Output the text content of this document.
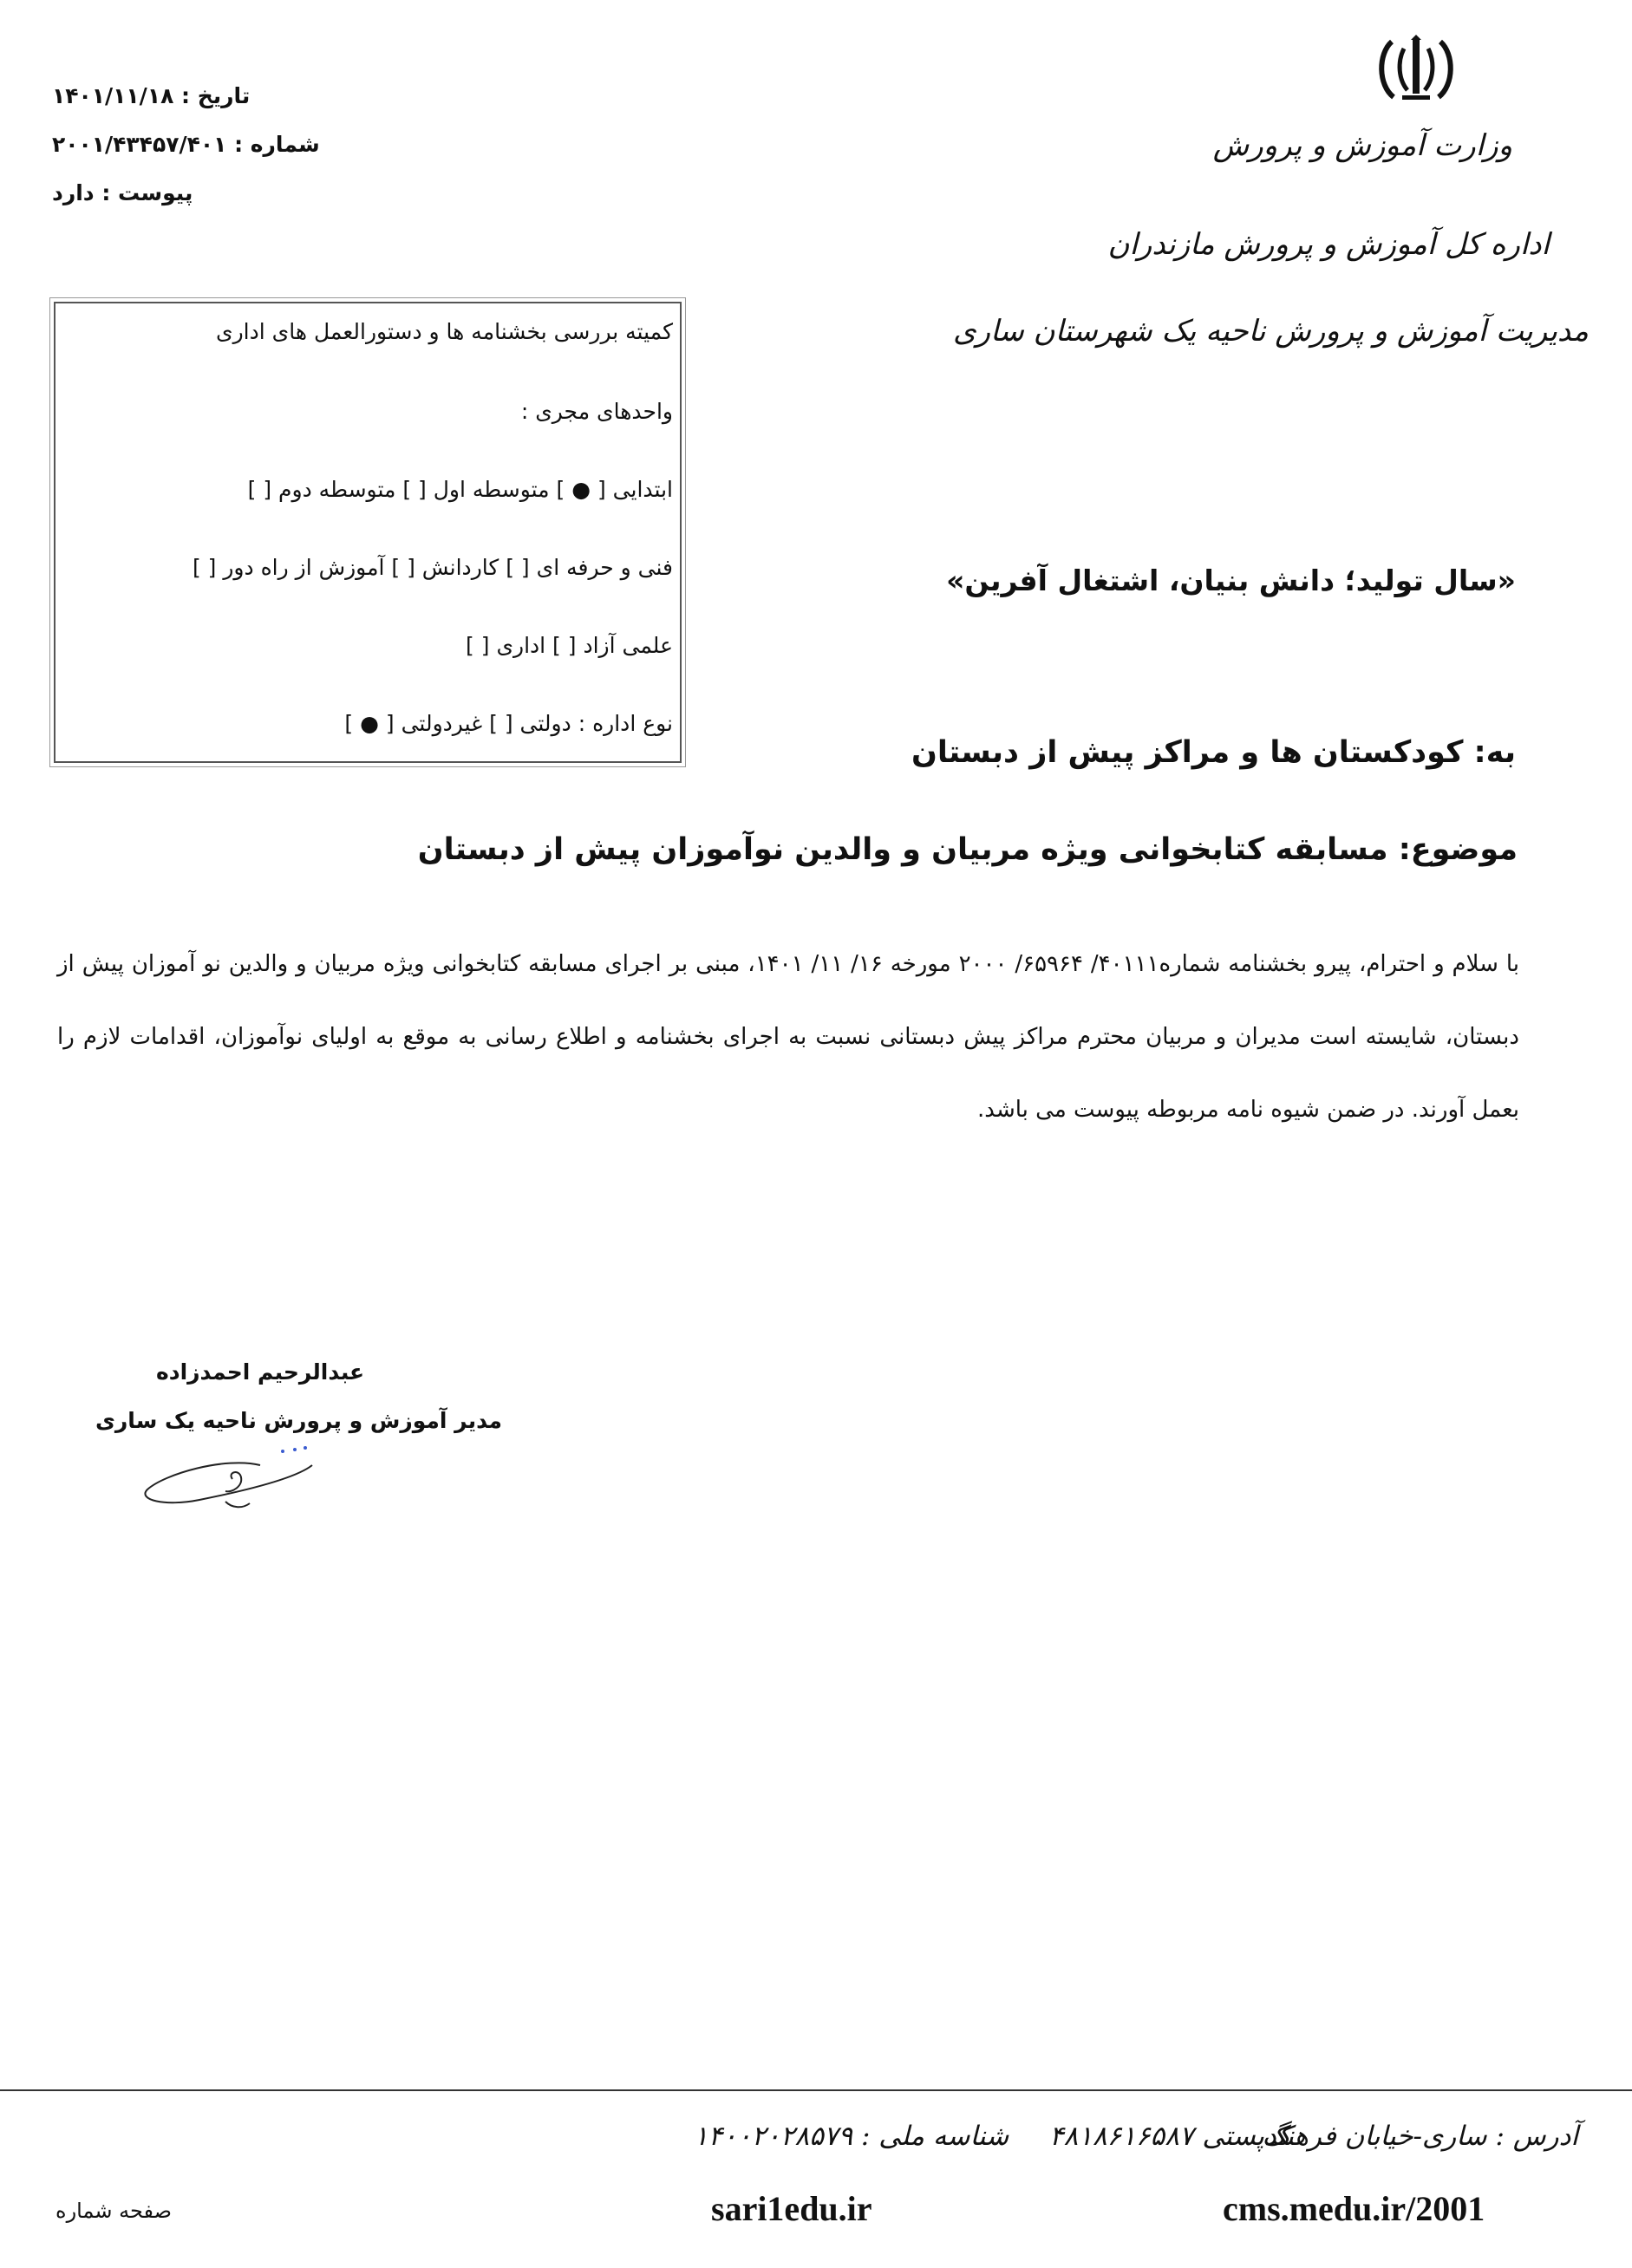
وزارت آموزش و پرورش
اداره کل آموزش و پرورش مازندران
مدیریت آموزش و پرورش ناحیه یک شهرستان ساری
تاریخ : ۱۴۰۱/۱۱/۱۸
شماره : ۲۰۰۱/۴۳۴۵۷/۴۰۱
پیوست : دارد
کمیته بررسی بخشنامه ها و دستورالعمل های اداری
واحدهای مجری :
ابتدایی [ ● ] متوسطه اول [ ] متوسطه دوم [ ]
فنی و حرفه ای [ ] کاردانش [ ] آموزش از راه دور [ ]
علمی آزاد [ ] اداری [ ]
نوع اداره : دولتی [ ] غیردولتی [ ● ]
«سال تولید؛ دانش بنیان، اشتغال آفرین»
به: کودکستان ها و مراکز پیش از دبستان
موضوع: مسابقه کتابخوانی ویژه مربیان و والدین نوآموزان پیش از دبستان
با سلام و احترام، پیرو بخشنامه شماره۴۰۱۱۱/ ۶۵۹۶۴/ ۲۰۰۰ مورخه ۱۶/ ۱۱/ ۱۴۰۱، مبنی بر اجرای مسابقه کتابخوانی ویژه مربیان و والدین نو آموزان پیش از دبستان، شایسته است مدیران و مربیان محترم مراکز پیش دبستانی نسبت به اجرای بخشنامه و اطلاع رسانی به موقع به اولیای نوآموزان، اقدامات لازم را بعمل آورند. در ضمن شیوه نامه مربوطه پیوست می باشد.
عبدالرحیم احمدزاده
مدیر آموزش و پرورش ناحیه یک ساری
آدرس : ساری-خیابان فرهنگ
کدپستی ۴۸۱۸۶۱۶۵۸۷
شناسه ملی : ۱۴۰۰۲۰۲۸۵۷۹
cms.medu.ir/2001
sari1edu.ir
صفحه شماره
